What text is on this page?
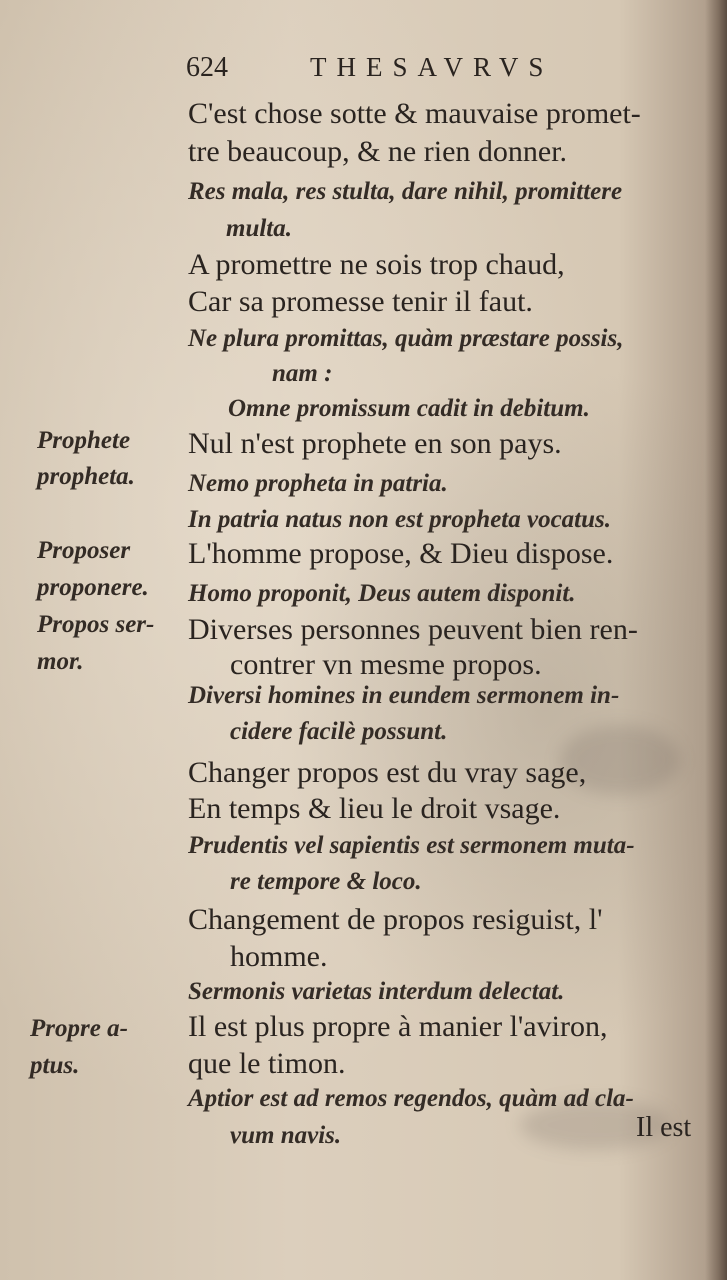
624	THESAVRVS
C'est chose sotte & mauvaise promet-
tre beaucoup, & ne rien donner.
Res mala, res stulta, dare nihil, promittere
multa.
A promettre ne sois trop chaud,
Car sa promesse tenir il faut.
Ne plura promittas, quàm præstare possis,
nam :
Omne promissum cadit in debitum.
Nul n'est prophete en son pays.
Nemo propheta in patria.
In patria natus non est propheta vocatus.
L'homme propose, & Dieu dispose.
Homo proponit, Deus autem disponit.
Diverses personnes peuvent bien ren-
contrer vn mesme propos.
Diversi homines in eundem sermonem in-
cidere facilè possunt.
Changer propos est du vray sage,
En temps & lieu le droit vsage.
Prudentis vel sapientis est sermonem muta-
re tempore & loco.
Changement de propos resiguist, l'
homme.
Sermonis varietas interdum delectat.
Il est plus propre à manier l'aviron,
que le timon.
Aptior est ad remos regendos, quàm ad cla-
vum navis.
Prophete
propheta.
Proposer
proponere.
Propos ser-
mor.
Propre a-
ptus.
Il est
